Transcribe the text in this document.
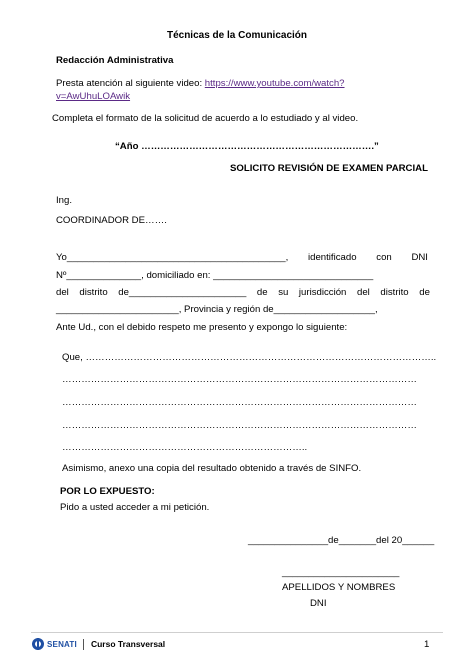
Técnicas de la Comunicación
Redacción Administrativa
Presta atención al siguiente video: https://www.youtube.com/watch?
v=AwUhuLOAwik
Completa el formato de la solicitud de acuerdo a lo estudiado y al video.
“Año ……………………………………………………………….”
SOLICITO REVISIÓN DE EXAMEN PARCIAL
Ing.
COORDINADOR DE…….
Yo_________________________________________, identificado con DNI
Nº______________, domiciliado en: ______________________________
del distrito de______________________ de su jurisdicción del distrito de
_______________________, Provincia y región de___________________,
Ante Ud., con el debido respeto me presento y expongo lo siguiente:
Que, ………………………………………………………………………………………………..
…………………………………………………………………………………………………
…………………………………………………………………………………………………
…………………………………………………………………………………………………
…………………………………………………………………..
Asimismo, anexo una copia del resultado obtenido a través de SINFO.
POR LO EXPUESTO:
Pido a usted acceder a mi petición.
_______________de_______del 20______
______________________
APELLIDOS Y NOMBRES
DNI
SENATI Curso Transversal	1
